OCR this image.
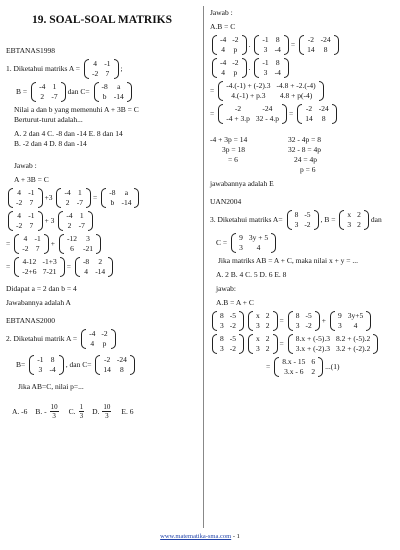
19. SOAL-SOAL MATRIKS
EBTANAS1998
1. Diketahui matriks A =
4	-1
-2	7
;
B =
-4	1
2	-7
dan C=
-8	a
b	-14
Nilai a dan b yang memenuhi A + 3B = C
Berturut-turut adalah...
A. 2 dan 4 C. -8 dan -14 E. 8 dan 14
B. -2 dan 4 D. 8 dan -14
Jawab :
A + 3B = C
4	-1
-2	7
+3
-4	1
2	-7
=
-8	a
b	-14
4	-1
-2	7
+ 3
-4	1
2	-7
=
4	-1
-2	7
+
-12	3
6	-21
=
4-12	-1+3
-2+6	7-21
=
-8	2
4	-14
Didapat a = 2 dan b = 4
Jawabannya adalah A
EBTANAS2000
2. Diketahui matrik A =
-4	-2
4	p
B=
-1	8
3	-4
, dan C=
-2	-24
14	8
Jika AB=C, nilai p=...
A. -6 B. - $\frac{10}{3} C$. $\frac{1}{3} D$. $\frac{10}{3} E$. 6
Jawab :
A.B = C
-4	-2
4	p
.
-1	8
3	-4
=
-2	-24
14	8
-4	-2
4	p
.
-1	8
3	-4
=
-4.(-1) + (-2).3	-4.8 + -2.(-4)
4.(-1) + p.3	4.8 + p(-4)
=
-2	-24
-4 + 3.p	32 - 4.p
=
-2	-24
14	8
-4 + 3p = 14	32 - 4p = 8
3p = 18	32 - 8 = 4p
= 6	24 = 4p
p = 6
jawabannya adalah E
UAN2004
3. Diketahui matriks A=
8	-5
3	-2
, B =
x	2
3	2
dan
C =
9	3y + 5
3	4
Jika matriks AB = A + C, maka nilai x + y = ...
A. 2 B. 4 C. 5 D. 6 E. 8
jawab:
A.B = A + C
8	-5
3	-2
x	2
3	2
=
8	-5
3	-2
+
9	3y+5
3	4
8	-5
3	-2
x	2
3	2
=
8.x + (-5).3	8.2 + (-5).2
3.x + (-2).3	3.2 + (-2).2
=
8.x - 15	6
3.x - 6	2
...(1)
www.matematika-sma.com - 1
